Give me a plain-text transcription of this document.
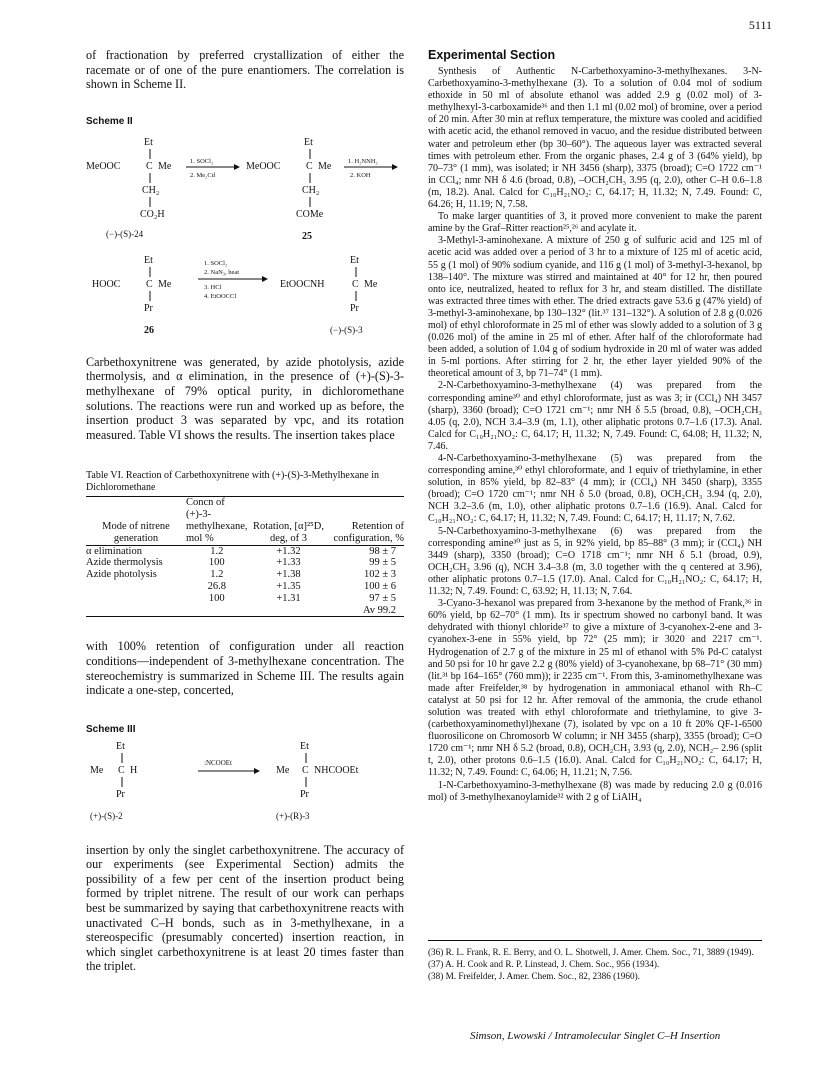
5111

of fractionation by preferred crystallization of either the racemate or of one of the pure enantiomers. The correlation is shown in Scheme II.

Scheme II

Et
MeOOC	C Me
CH₂
CO₂H
(−)-(S)-24
1. SOCl₂
2. Me₂Cd
Et
MeOOC	C Me
CH₂
COMe
25
1. H₂NNH₂
2. KOH
Et
HOOC	C Me
Pr
26
1. SOCl₂
2. NaN₃, heat
3. HCl
4. EtOOCCl
Et
EtOOCNH	C Me
Pr
(−)-(S)-3

Carbethoxynitrene was generated, by azide photolysis, azide thermolysis, and α elimination, in the presence of (+)-(S)-3-methylhexane of 79% optical purity, in dichloromethane solutions. The reactions were run and worked up as before, the insertion product 3 was separated by vpc, and its rotation measured. Table VI shows the results. The insertion takes place

Table VI. Reaction of Carbethoxynitrene with (+)-(S)-3-Methylhexane in Dichloromethane

Mode of nitrene generation	Concn of (+)-3-methylhexane, mol %	Rotation, [α]²⁵D, deg, of 3	Retention of configuration, %
α elimination	1.2	+1.32	98 ± 7
Azide thermolysis	100	+1.33	99 ± 5
Azide photolysis	1.2	+1.38	102 ± 3
	26.8	+1.35	100 ± 6
	100	+1.31	97 ± 5
			Av 99.2

with 100% retention of configuration under all reaction conditions—independent of 3-methylhexane concentration. The stereochemistry is summarized in Scheme III. The results again indicate a one-step, concerted,

Scheme III

Et
Me C H
Pr
(+)-(S)-2
:NCOOEt
Et
Me C NHCOOEt
Pr
(+)-(R)-3

insertion by only the singlet carbethoxynitrene. The accuracy of our experiments (see Experimental Section) admits the possibility of a few per cent of the insertion product being formed by triplet nitrene. The result of our work can perhaps best be summarized by saying that carbethoxynitrene reacts with unactivated C–H bonds, such as in 3-methylhexane, in a stereospecific (presumably concerted) insertion reaction, in which singlet carbethoxynitrene is at least 20 times faster than the triplet.

Experimental Section

Synthesis of Authentic N-Carbethoxyamino-3-methylhexanes. 3-N-Carbethoxyamino-3-methylhexane (3). To a solution of 0.04 mol of sodium ethoxide in 50 ml of absolute ethanol was added 2.9 g (0.02 mol) of 3-methylhexyl-3-carboxamide³⁶ and then 1.1 ml (0.02 mol) of bromine, over a period of 20 min. After 30 min at reflux temperature, the mixture was cooled and acidified with acetic acid, the ethanol removed in vacuo, and the residue distributed between water and petroleum ether (bp 30–60°). The aqueous layer was extracted several times with petroleum ether. From the organic phases, 2.4 g of 3 (64% yield), bp 70–73° (1 mm), was isolated; ir NH 3456 (sharp), 3375 (broad); C=O 1722 cm⁻¹ in CCl₄; nmr NH δ 4.6 (broad, 0.8), –OCH₂CH₃ 3.95 (q, 2.0), other C–H 0.6–1.8 (m, 18.2). Anal. Calcd for C₁₀H₂₁NO₂: C, 64.17; H, 11.32; N, 7.49. Found: C, 64.26; H, 11.19; N, 7.58.

To make larger quantities of 3, it proved more convenient to make the parent amine by the Graf–Ritter reaction²⁵,²⁶ and acylate it.

3-Methyl-3-aminohexane. A mixture of 250 g of sulfuric acid and 125 ml of acetic acid was added over a period of 3 hr to a mixture of 125 ml of acetic acid, 55 g (1 mol) of 90% sodium cyanide, and 116 g (1 mol) of 3-methyl-3-hexanol, bp 138–140°. The mixture was stirred and maintained at 40° for 12 hr, then poured onto ice, neutralized, heated to reflux for 3 hr, and steam distilled. The distillate was extracted three times with ether. The dried extracts gave 53.6 g (47% yield) of 3-methyl-3-aminohexane, bp 130–132° (lit.³⁷ 131–132°). A solution of 2.8 g (0.026 mol) of ethyl chloroformate in 25 ml of ether was slowly added to a solution of 3 g (0.026 mol) of the amine in 25 ml of ether. After half of the chloroformate had been added, a solution of 1.04 g of sodium hydroxide in 20 ml of water was added in 5-ml portions. After stirring for 2 hr, the ether layer yielded 90% of the theoretical amount of 3, bp 71–74° (1 mm).

2-N-Carbethoxyamino-3-methylhexane (4) was prepared from the corresponding amine³⁰ and ethyl chloroformate, just as was 3; ir (CCl₄) NH 3457 (sharp), 3360 (broad); C=O 1721 cm⁻¹; nmr NH δ 5.5 (broad, 0.8), –OCH₂CH₃ 4.05 (q, 2.0), NCH 3.4–3.9 (m, 1.1), other aliphatic protons 0.7–1.6 (17.3). Anal. Calcd for C₁₀H₂₁NO₂: C, 64.17; H, 11.32; N, 7.49. Found: C, 64.08; H, 11.32; N, 7.46.

4-N-Carbethoxyamino-3-methylhexane (5) was prepared from the corresponding amine,³⁰ ethyl chloroformate, and 1 equiv of triethylamine, in ether solution, in 85% yield, bp 82–83° (4 mm); ir (CCl₄) NH 3450 (sharp), 3355 (broad); C=O 1720 cm⁻¹; nmr NH δ 5.0 (broad, 0.8), OCH₂CH₃ 3.94 (q, 2.0), NCH 3.2–3.6 (m, 1.0), other aliphatic protons 0.7–1.6 (16.9). Anal. Calcd for C₁₀H₂₁NO₂: C, 64.17; H, 11.32; N, 7.49. Found: C, 64.17; H, 11.17; N, 7.62.

5-N-Carbethoxyamino-3-methylhexane (6) was prepared from the corresponding amine³⁰ just as 5, in 92% yield, bp 85–88° (3 mm); ir (CCl₄) NH 3449 (sharp), 3350 (broad); C=O 1718 cm⁻¹; nmr NH δ 5.1 (broad, 0.9), OCH₂CH₃ 3.96 (q), NCH 3.4–3.8 (m, 3.0 together with the q centered at 3.96), other aliphatic protons 0.7–1.5 (17.0). Anal. Calcd for C₁₀H₂₁NO₂: C, 64.17; H, 11.32; N, 7.49. Found: C, 63.92; H, 11.13; N, 7.64.

3-Cyano-3-hexanol was prepared from 3-hexanone by the method of Frank,³⁶ in 60% yield, bp 62–70° (1 mm). Its ir spectrum showed no carbonyl band. It was dehydrated with thionyl chloride³⁷ to give a mixture of 3-cyanohex-2-ene and 3-cyanohex-3-ene in 55% yield, bp 72° (25 mm); ir 3020 and 2217 cm⁻¹. Hydrogenation of 2.7 g of the mixture in 25 ml of ethanol with 5% Pd-C catalyst and 50 psi for 10 hr gave 2.2 g (80% yield) of 3-cyanohexane, bp 68–71° (30 mm) (lit.³¹ bp 164–165° (760 mm)); ir 2235 cm⁻¹. From this, 3-aminomethylhexane was made after Freifelder,³⁸ by hydrogenation in ammoniacal ethanol with Rh–C catalyst at 50 psi for 12 hr. After removal of the ammonia, the crude ethanol solution was treated with ethyl chloroformate and triethylamine, to give 3-(carbethoxyaminomethyl)hexane (7), isolated by vpc on a 10 ft 20% QF-1-6500 fluorosilicone on Chromosorb W column; ir NH 3455 (sharp), 3355 (broad); C=O 1720 cm⁻¹; nmr NH δ 5.2 (broad, 0.8), OCH₂CH₃ 3.93 (q, 2.0), NCH₂– 2.96 (split t, 2.0), other protons 0.6–1.5 (16.0). Anal. Calcd for C₁₀H₂₁NO₂: C, 64.17; H, 11.32; N, 7.49. Found: C, 64.06; H, 11.21; N, 7.56.

1-N-Carbethoxyamino-3-methylhexane (8) was made by reducing 2.0 g (0.016 mol) of 3-methylhexanoylamide³² with 2 g of LiAlH₄

(36) R. L. Frank, R. E. Berry, and O. L. Shotwell, J. Amer. Chem. Soc., 71, 3889 (1949).

(37) A. H. Cook and R. P. Linstead, J. Chem. Soc., 956 (1934).

(38) M. Freifelder, J. Amer. Chem. Soc., 82, 2386 (1960).

Simson, Lwowski / Intramolecular Singlet C–H Insertion
